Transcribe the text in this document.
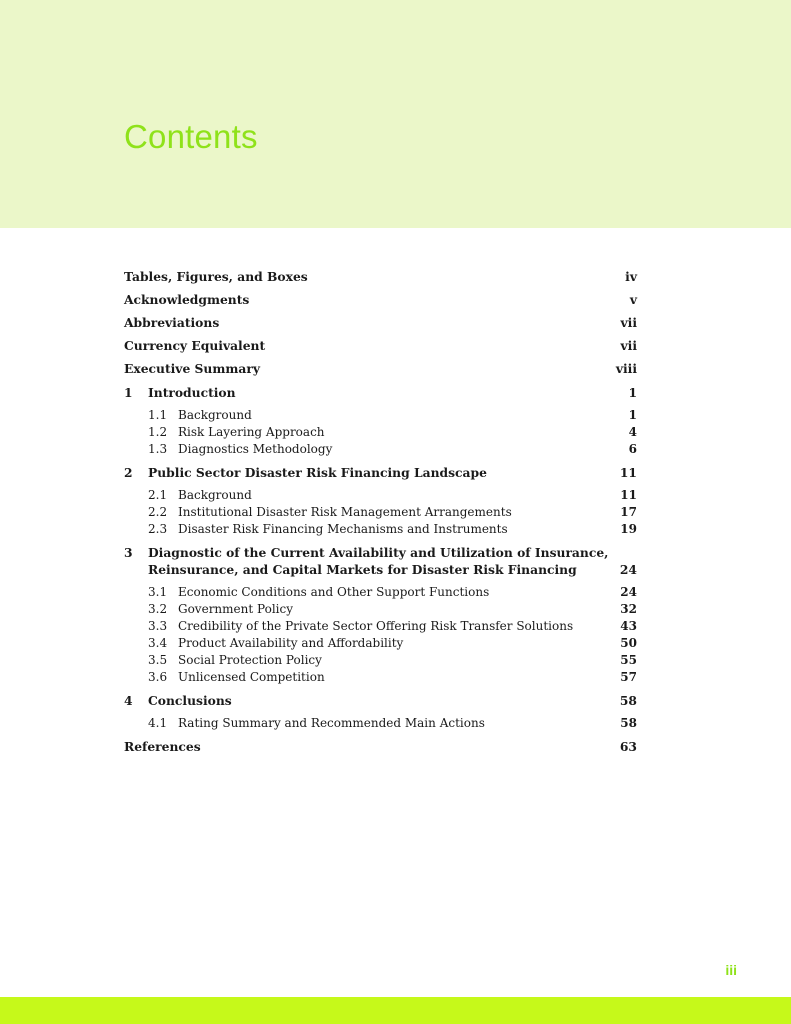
Contents
Tables, Figures, and Boxes	iv
Acknowledgments	v
Abbreviations	vii
Currency Equivalent	vii
Executive Summary	viii
1 Introduction	1
1.1 Background	1
1.2 Risk Layering Approach	4
1.3 Diagnostics Methodology	6
2 Public Sector Disaster Risk Financing Landscape	11
2.1 Background	11
2.2 Institutional Disaster Risk Management Arrangements	17
2.3 Disaster Risk Financing Mechanisms and Instruments	19
3 Diagnostic of the Current Availability and Utilization of Insurance,
Reinsurance, and Capital Markets for Disaster Risk Financing	24
3.1 Economic Conditions and Other Support Functions	24
3.2 Government Policy	32
3.3 Credibility of the Private Sector Offering Risk Transfer Solutions	43
3.4 Product Availability and Affordability	50
3.5 Social Protection Policy	55
3.6 Unlicensed Competition	57
4 Conclusions	58
4.1 Rating Summary and Recommended Main Actions	58
References	63
iii
